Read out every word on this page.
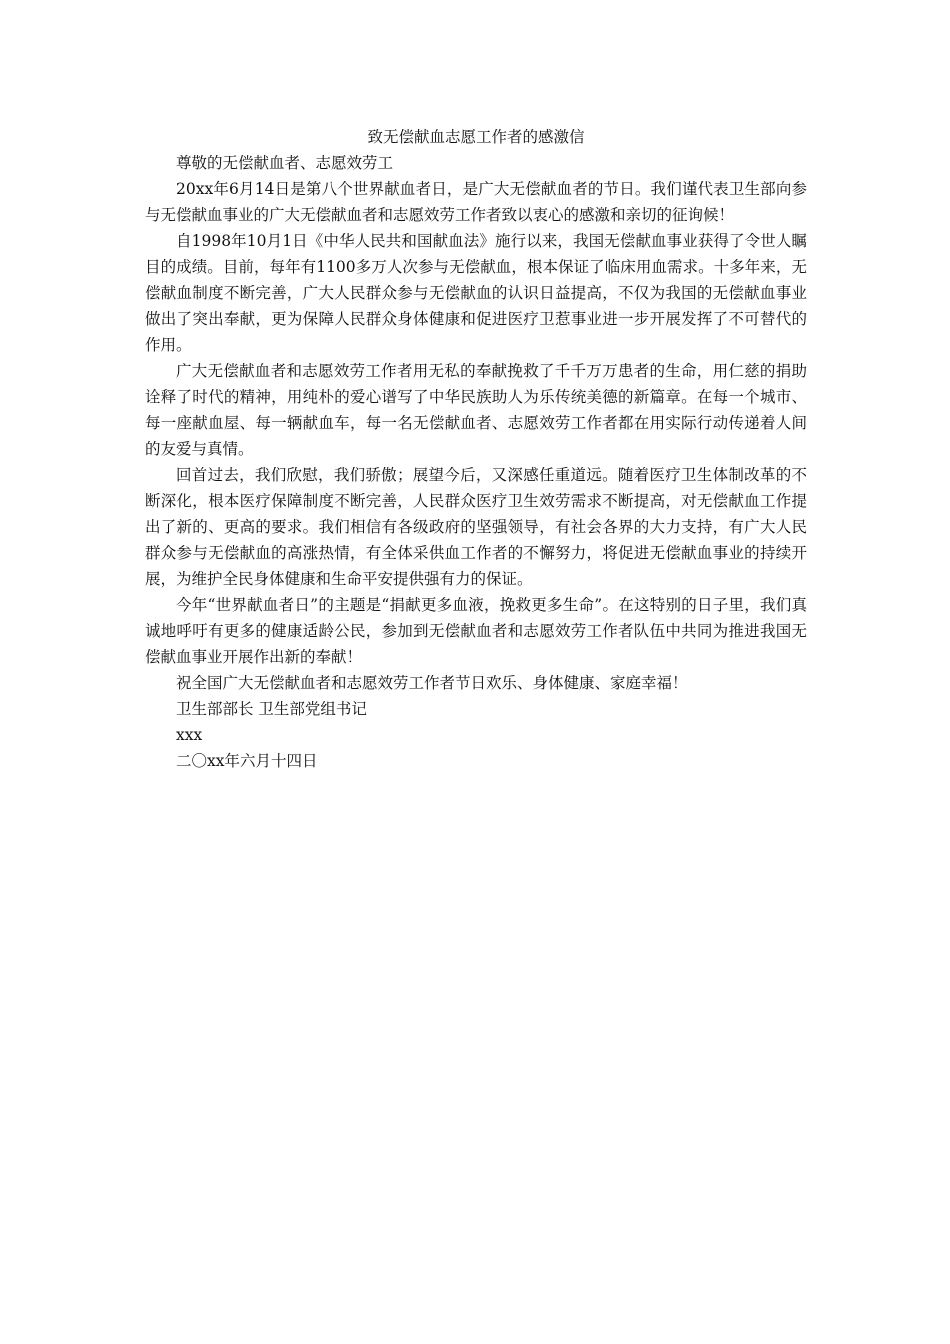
致无偿献血志愿工作者的感激信

尊敬的无偿献血者、志愿效劳工

20xx年6月14日是第八个世界献血者日，是广大无偿献血者的节日。我们谨代表卫生部向参与无偿献血事业的广大无偿献血者和志愿效劳工作者致以衷心的感激和亲切的征询候！

自1998年10月1日《中华人民共和国献血法》施行以来，我国无偿献血事业获得了令世人瞩目的成绩。目前，每年有1100多万人次参与无偿献血，根本保证了临床用血需求。十多年来，无偿献血制度不断完善，广大人民群众参与无偿献血的认识日益提高，不仅为我国的无偿献血事业做出了突出奉献，更为保障人民群众身体健康和促进医疗卫惹事业进一步开展发挥了不可替代的作用。

广大无偿献血者和志愿效劳工作者用无私的奉献挽救了千千万万患者的生命，用仁慈的捐助诠释了时代的精神，用纯朴的爱心谱写了中华民族助人为乐传统美德的新篇章。在每一个城市、每一座献血屋、每一辆献血车，每一名无偿献血者、志愿效劳工作者都在用实际行动传递着人间的友爱与真情。

回首过去，我们欣慰，我们骄傲；展望今后，又深感任重道远。随着医疗卫生体制改革的不断深化，根本医疗保障制度不断完善，人民群众医疗卫生效劳需求不断提高，对无偿献血工作提出了新的、更高的要求。我们相信有各级政府的坚强领导，有社会各界的大力支持，有广大人民群众参与无偿献血的高涨热情，有全体采供血工作者的不懈努力，将促进无偿献血事业的持续开展，为维护全民身体健康和生命平安提供强有力的保证。

今年“世界献血者日”的主题是“捐献更多血液，挽救更多生命”。在这特别的日子里，我们真诚地呼吁有更多的健康适龄公民，参加到无偿献血者和志愿效劳工作者队伍中共同为推进我国无偿献血事业开展作出新的奉献！

祝全国广大无偿献血者和志愿效劳工作者节日欢乐、身体健康、家庭幸福！

卫生部部长 卫生部党组书记

xxx

二〇xx年六月十四日
